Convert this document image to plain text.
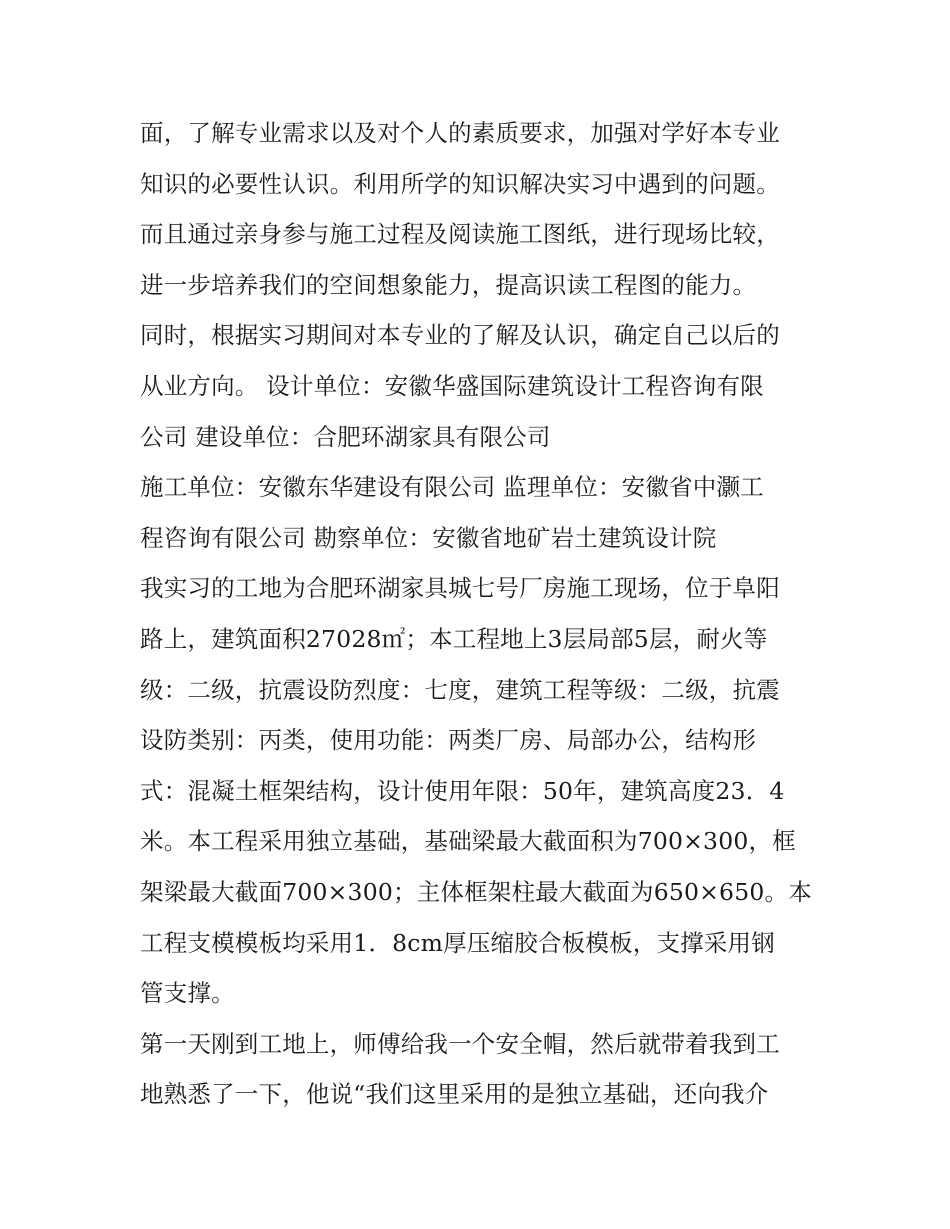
面，了解专业需求以及对个人的素质要求，加强对学好本专业
知识的必要性认识。利用所学的知识解决实习中遇到的问题。
而且通过亲身参与施工过程及阅读施工图纸，进行现场比较，
进一步培养我们的空间想象能力，提高识读工程图的能力。
同时，根据实习期间对本专业的了解及认识，确定自己以后的
从业方向。 设计单位：安徽华盛国际建筑设计工程咨询有限
公司 建设单位：合肥环湖家具有限公司
施工单位：安徽东华建设有限公司 监理单位：安徽省中灏工
程咨询有限公司 勘察单位：安徽省地矿岩土建筑设计院
我实习的工地为合肥环湖家具城七号厂房施工现场，位于阜阳
路上，建筑面积27028㎡；本工程地上3层局部5层，耐火等
级：二级，抗震设防烈度：七度，建筑工程等级：二级，抗震
设防类别：丙类，使用功能：两类厂房、局部办公，结构形
式：混凝土框架结构，设计使用年限：50年，建筑高度23．4
米。本工程采用独立基础，基础梁最大截面积为700×300，框
架梁最大截面700×300；主体框架柱最大截面为650×650。本
工程支模模板均采用1．8cm厚压缩胶合板模板，支撑采用钢
管支撑。
第一天刚到工地上，师傅给我一个安全帽，然后就带着我到工
地熟悉了一下，他说“我们这里采用的是独立基础，还向我介
